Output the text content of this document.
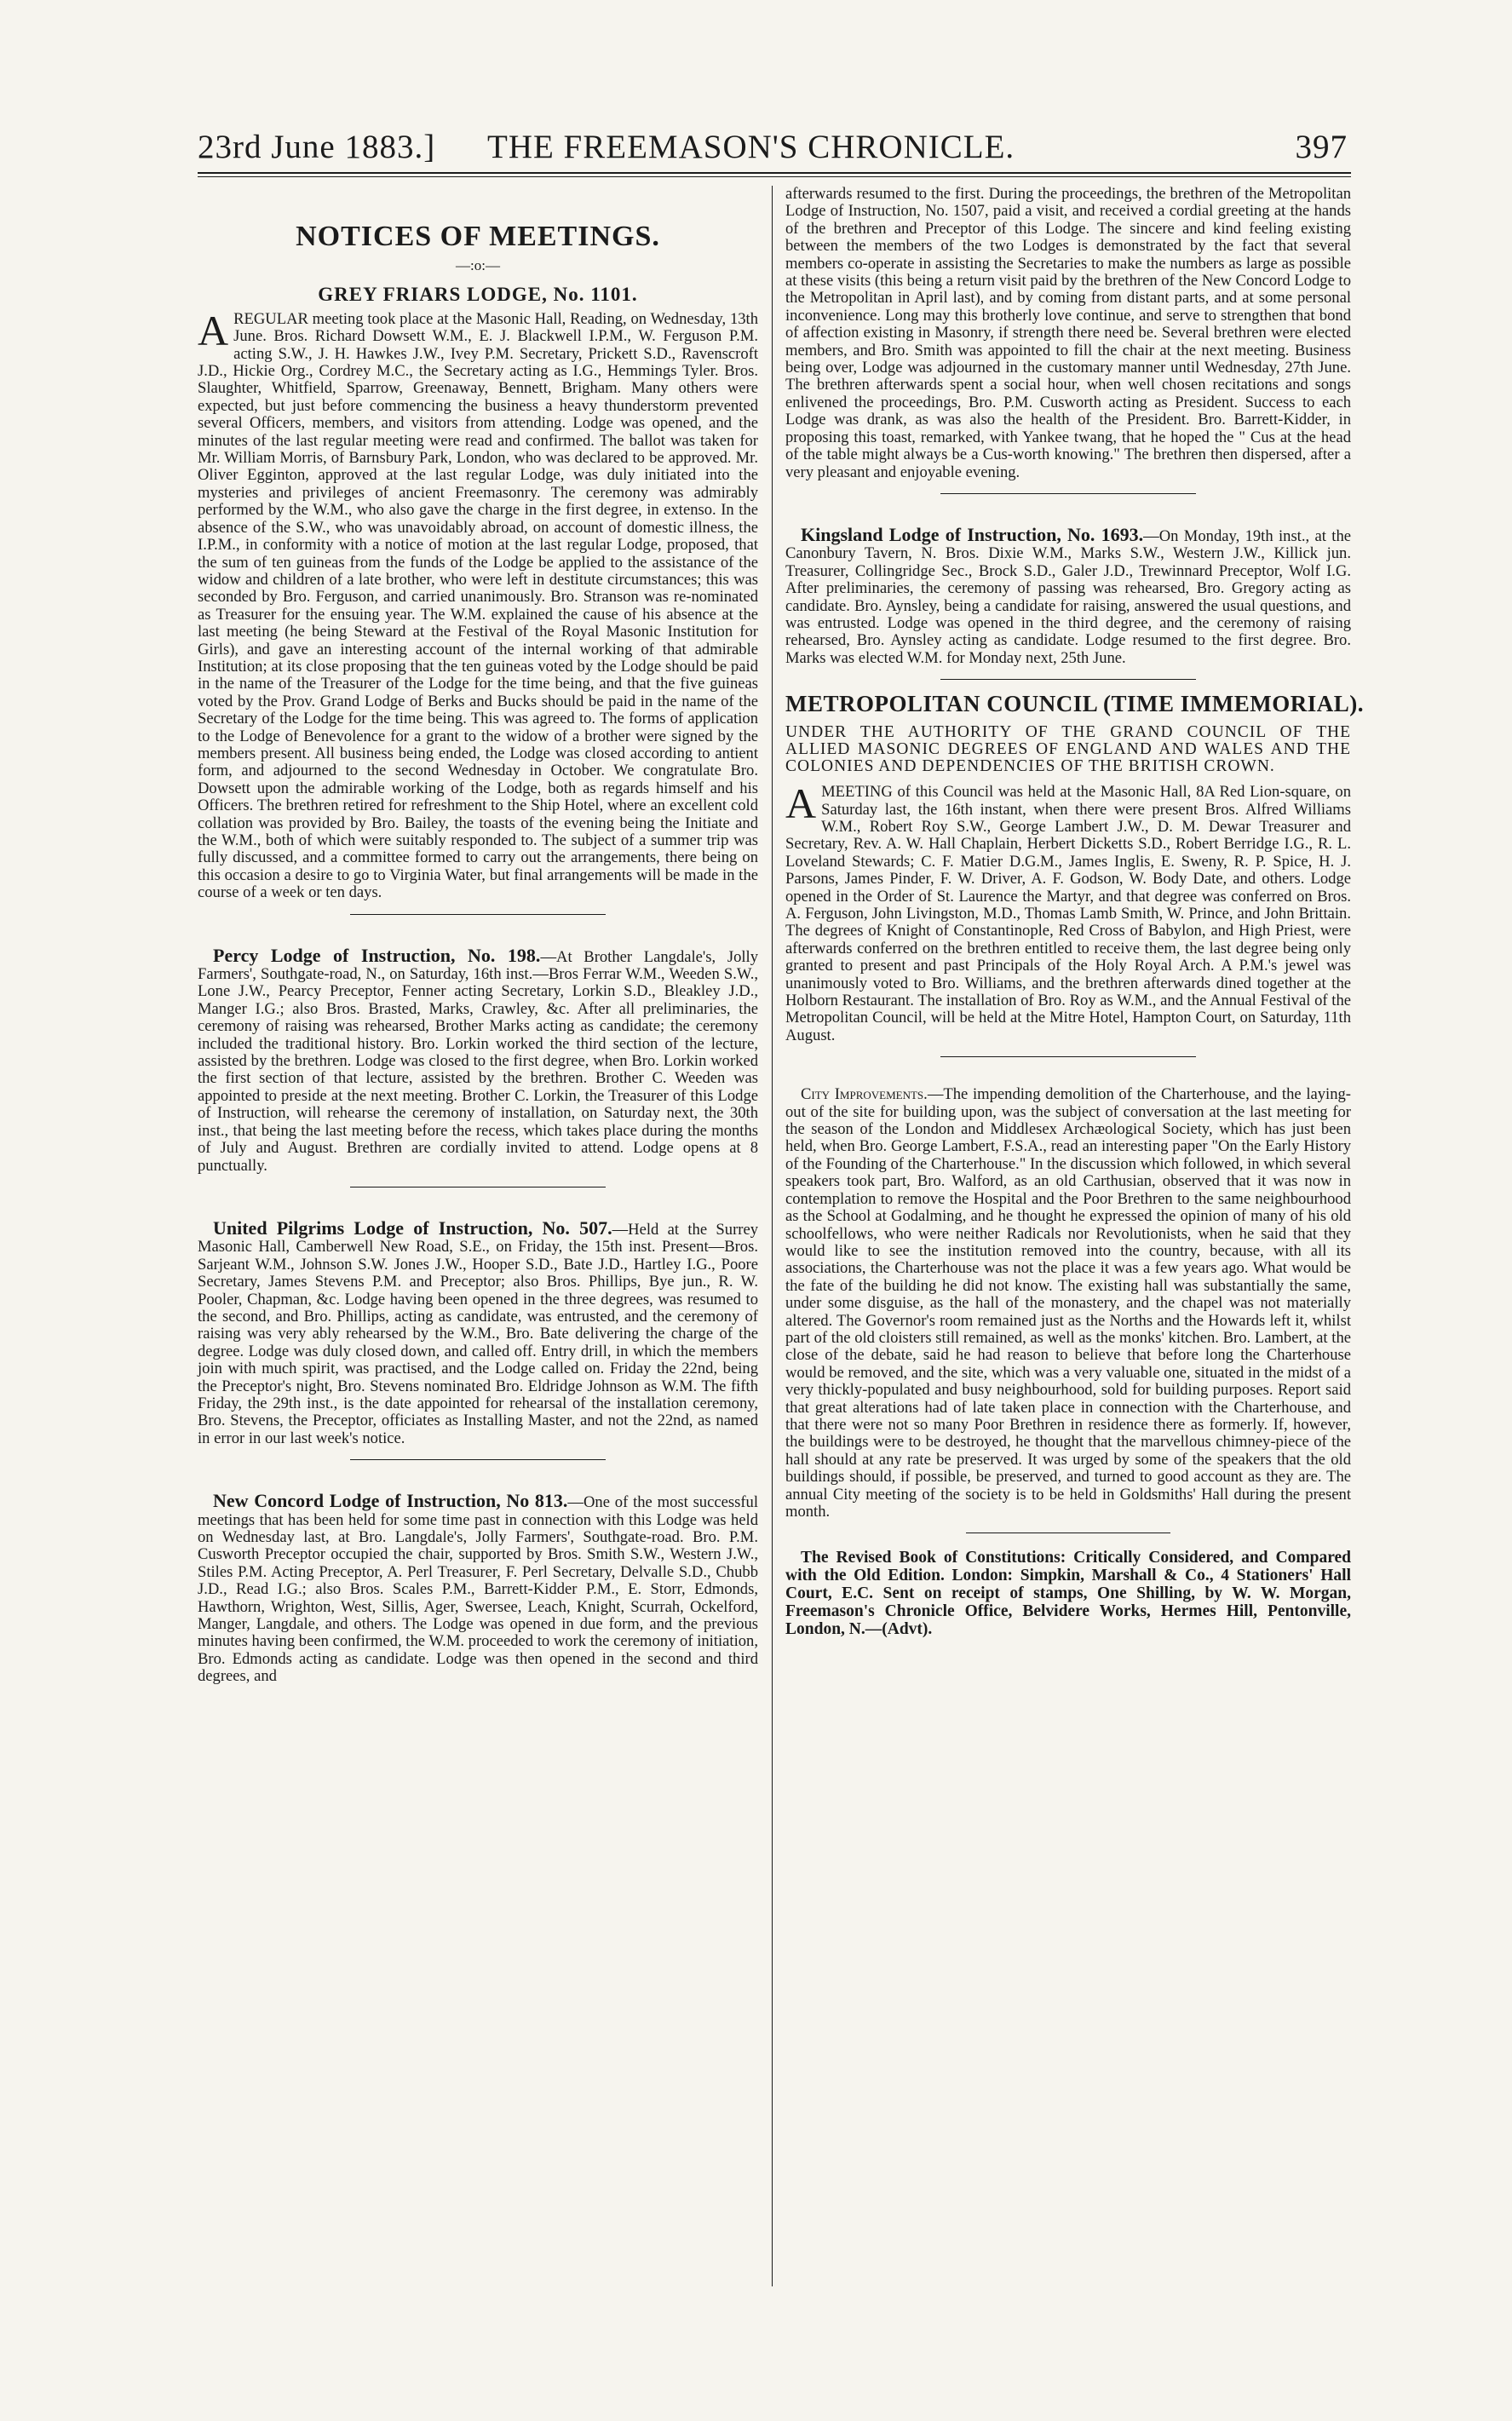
23rd June 1883.] THE FREEMASON'S CHRONICLE.	397
NOTICES OF MEETINGS.
—:o:—
GREY FRIARS LODGE, No. 1101.

AREGULAR meeting took place at the Masonic Hall, Reading, on Wednesday, 13th June. Bros. Richard Dowsett W.M., E. J. Blackwell I.P.M., W. Ferguson P.M. acting S.W., J. H. Hawkes J.W., Ivey P.M. Secretary, Prickett S.D., Ravenscroft J.D., Hickie Org., Cordrey M.C., the Secretary acting as I.G., Hemmings Tyler. Bros. Slaughter, Whitfield, Sparrow, Greenaway, Bennett, Brigham. Many others were expected, but just before commencing the business a heavy thunderstorm prevented several Officers, members, and visitors from attending. Lodge was opened, and the minutes of the last regular meeting were read and confirmed. The ballot was taken for Mr. William Morris, of Barnsbury Park, London, who was declared to be approved. Mr. Oliver Egginton, approved at the last regular Lodge, was duly initiated into the mysteries and privileges of ancient Freemasonry. The ceremony was admirably performed by the W.M., who also gave the charge in the first degree, in extenso. In the absence of the S.W., who was unavoidably abroad, on account of domestic illness, the I.P.M., in conformity with a notice of motion at the last regular Lodge, proposed, that the sum of ten guineas from the funds of the Lodge be applied to the assistance of the widow and children of a late brother, who were left in destitute circumstances; this was seconded by Bro. Ferguson, and carried unanimously. Bro. Stranson was re-nominated as Treasurer for the ensuing year. The W.M. explained the cause of his absence at the last meeting (he being Steward at the Festival of the Royal Masonic Institution for Girls), and gave an interesting account of the internal working of that admirable Institution; at its close proposing that the ten guineas voted by the Lodge should be paid in the name of the Treasurer of the Lodge for the time being, and that the five guineas voted by the Prov. Grand Lodge of Berks and Bucks should be paid in the name of the Secretary of the Lodge for the time being. This was agreed to. The forms of application to the Lodge of Benevolence for a grant to the widow of a brother were signed by the members present. All business being ended, the Lodge was closed according to antient form, and adjourned to the second Wednesday in October. We congratulate Bro. Dowsett upon the admirable working of the Lodge, both as regards himself and his Officers. The brethren retired for refreshment to the Ship Hotel, where an excellent cold collation was provided by Bro. Bailey, the toasts of the evening being the Initiate and the W.M., both of which were suitably responded to. The subject of a summer trip was fully discussed, and a committee formed to carry out the arrangements, there being on this occasion a desire to go to Virginia Water, but final arrangements will be made in the course of a week or ten days.

Percy Lodge of Instruction, No. 198.—At Brother Langdale's, Jolly Farmers', Southgate-road, N., on Saturday, 16th inst.—Bros Ferrar W.M., Weeden S.W., Lone J.W., Pearcy Preceptor, Fenner acting Secretary, Lorkin S.D., Bleakley J.D., Manger I.G.; also Bros. Brasted, Marks, Crawley, &c. After all preliminaries, the ceremony of raising was rehearsed, Brother Marks acting as candidate; the ceremony included the traditional history. Bro. Lorkin worked the third section of the lecture, assisted by the brethren. Lodge was closed to the first degree, when Bro. Lorkin worked the first section of that lecture, assisted by the brethren. Brother C. Weeden was appointed to preside at the next meeting. Brother C. Lorkin, the Treasurer of this Lodge of Instruction, will rehearse the ceremony of installation, on Saturday next, the 30th inst., that being the last meeting before the recess, which takes place during the months of July and August. Brethren are cordially invited to attend. Lodge opens at 8 punctually.

United Pilgrims Lodge of Instruction, No. 507.—Held at the Surrey Masonic Hall, Camberwell New Road, S.E., on Friday, the 15th inst. Present—Bros. Sarjeant W.M., Johnson S.W. Jones J.W., Hooper S.D., Bate J.D., Hartley I.G., Poore Secretary, James Stevens P.M. and Preceptor; also Bros. Phillips, Bye jun., R. W. Pooler, Chapman, &c. Lodge having been opened in the three degrees, was resumed to the second, and Bro. Phillips, acting as candidate, was entrusted, and the ceremony of raising was very ably rehearsed by the W.M., Bro. Bate delivering the charge of the degree. Lodge was duly closed down, and called off. Entry drill, in which the members join with much spirit, was practised, and the Lodge called on. Friday the 22nd, being the Preceptor's night, Bro. Stevens nominated Bro. Eldridge Johnson as W.M. The fifth Friday, the 29th inst., is the date appointed for rehearsal of the installation ceremony, Bro. Stevens, the Preceptor, officiates as Installing Master, and not the 22nd, as named in error in our last week's notice.

New Concord Lodge of Instruction, No 813.—One of the most successful meetings that has been held for some time past in connection with this Lodge was held on Wednesday last, at Bro. Langdale's, Jolly Farmers', Southgate-road. Bro. P.M. Cusworth Preceptor occupied the chair, supported by Bros. Smith S.W., Western J.W., Stiles P.M. Acting Preceptor, A. Perl Treasurer, F. Perl Secretary, Delvalle S.D., Chubb J.D., Read I.G.; also Bros. Scales P.M., Barrett-Kidder P.M., E. Storr, Edmonds, Hawthorn, Wrighton, West, Sillis, Ager, Swersee, Leach, Knight, Scurrah, Ockelford, Manger, Langdale, and others. The Lodge was opened in due form, and the previous minutes having been confirmed, the W.M. proceeded to work the ceremony of initiation, Bro. Edmonds acting as candidate. Lodge was then opened in the second and third degrees, and

afterwards resumed to the first. During the proceedings, the brethren of the Metropolitan Lodge of Instruction, No. 1507, paid a visit, and received a cordial greeting at the hands of the brethren and Preceptor of this Lodge. The sincere and kind feeling existing between the members of the two Lodges is demonstrated by the fact that several members co-operate in assisting the Secretaries to make the numbers as large as possible at these visits (this being a return visit paid by the brethren of the New Concord Lodge to the Metropolitan in April last), and by coming from distant parts, and at some personal inconvenience. Long may this brotherly love continue, and serve to strengthen that bond of affection existing in Masonry, if strength there need be. Several brethren were elected members, and Bro. Smith was appointed to fill the chair at the next meeting. Business being over, Lodge was adjourned in the customary manner until Wednesday, 27th June. The brethren afterwards spent a social hour, when well chosen recitations and songs enlivened the proceedings, Bro. P.M. Cusworth acting as President. Success to each Lodge was drank, as was also the health of the President. Bro. Barrett-Kidder, in proposing this toast, remarked, with Yankee twang, that he hoped the " Cus at the head of the table might always be a Cus-worth knowing." The brethren then dispersed, after a very pleasant and enjoyable evening.

Kingsland Lodge of Instruction, No. 1693.—On Monday, 19th inst., at the Canonbury Tavern, N. Bros. Dixie W.M., Marks S.W., Western J.W., Killick jun. Treasurer, Collingridge Sec., Brock S.D., Galer J.D., Trewinnard Preceptor, Wolf I.G. After preliminaries, the ceremony of passing was rehearsed, Bro. Gregory acting as candidate. Bro. Aynsley, being a candidate for raising, answered the usual questions, and was entrusted. Lodge was opened in the third degree, and the ceremony of raising rehearsed, Bro. Aynsley acting as candidate. Lodge resumed to the first degree. Bro. Marks was elected W.M. for Monday next, 25th June.

METROPOLITAN COUNCIL (TIME IMMEMORIAL).
UNDER THE AUTHORITY OF THE GRAND COUNCIL OF THE ALLIED MASONIC DEGREES OF ENGLAND AND WALES AND THE COLONIES AND DEPENDENCIES OF THE BRITISH CROWN.

AMEETING of this Council was held at the Masonic Hall, 8A Red Lion-square, on Saturday last, the 16th instant, when there were present Bros. Alfred Williams W.M., Robert Roy S.W., George Lambert J.W., D. M. Dewar Treasurer and Secretary, Rev. A. W. Hall Chaplain, Herbert Dicketts S.D., Robert Berridge I.G., R. L. Loveland Stewards; C. F. Matier D.G.M., James Inglis, E. Sweny, R. P. Spice, H. J. Parsons, James Pinder, F. W. Driver, A. F. Godson, W. Body Date, and others. Lodge opened in the Order of St. Laurence the Martyr, and that degree was conferred on Bros. A. Ferguson, John Livingston, M.D., Thomas Lamb Smith, W. Prince, and John Brittain. The degrees of Knight of Constantinople, Red Cross of Babylon, and High Priest, were afterwards conferred on the brethren entitled to receive them, the last degree being only granted to present and past Principals of the Holy Royal Arch. A P.M.'s jewel was unanimously voted to Bro. Williams, and the brethren afterwards dined together at the Holborn Restaurant. The installation of Bro. Roy as W.M., and the Annual Festival of the Metropolitan Council, will be held at the Mitre Hotel, Hampton Court, on Saturday, 11th August.

City Improvements.—The impending demolition of the Charterhouse, and the laying-out of the site for building upon, was the subject of conversation at the last meeting for the season of the London and Middlesex Archæological Society, which has just been held, when Bro. George Lambert, F.S.A., read an interesting paper "On the Early History of the Founding of the Charterhouse." In the discussion which followed, in which several speakers took part, Bro. Walford, as an old Carthusian, observed that it was now in contemplation to remove the Hospital and the Poor Brethren to the same neighbourhood as the School at Godalming, and he thought he expressed the opinion of many of his old schoolfellows, who were neither Radicals nor Revolutionists, when he said that they would like to see the institution removed into the country, because, with all its associations, the Charterhouse was not the place it was a few years ago. What would be the fate of the building he did not know. The existing hall was substantially the same, under some disguise, as the hall of the monastery, and the chapel was not materially altered. The Governor's room remained just as the Norths and the Howards left it, whilst part of the old cloisters still remained, as well as the monks' kitchen. Bro. Lambert, at the close of the debate, said he had reason to believe that before long the Charterhouse would be removed, and the site, which was a very valuable one, situated in the midst of a very thickly-populated and busy neighbourhood, sold for building purposes. Report said that great alterations had of late taken place in connection with the Charterhouse, and that there were not so many Poor Brethren in residence there as formerly. If, however, the buildings were to be destroyed, he thought that the marvellous chimney-piece of the hall should at any rate be preserved. It was urged by some of the speakers that the old buildings should, if possible, be preserved, and turned to good account as they are. The annual City meeting of the society is to be held in Goldsmiths' Hall during the present month.

The Revised Book of Constitutions: Critically Considered, and Compared with the Old Edition. London: Simpkin, Marshall & Co., 4 Stationers' Hall Court, E.C. Sent on receipt of stamps, One Shilling, by W. W. Morgan, Freemason's Chronicle Office, Belvidere Works, Hermes Hill, Pentonville, London, N.—(Advt).
